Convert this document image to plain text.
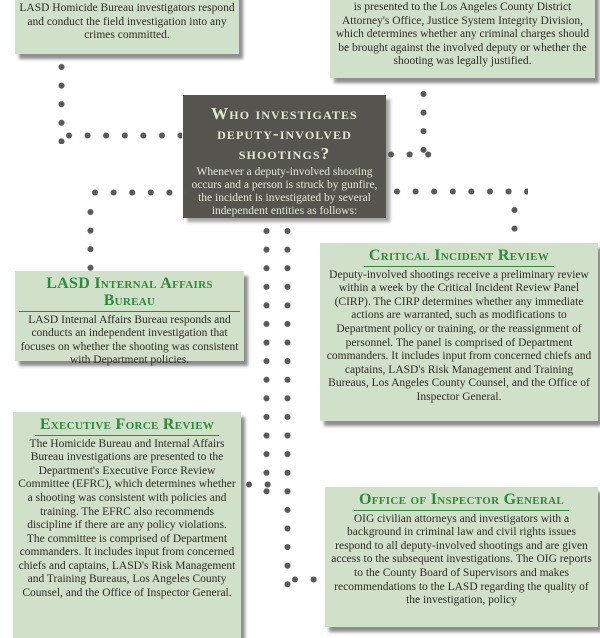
LASD Homicide Bureau investigators respond and conduct the field investigation into any crimes committed.
is presented to the Los Angeles County District Attorney's Office, Justice System Integrity Division, which determines whether any criminal charges should be brought against the involved deputy or whether the shooting was legally justified.
Who investigates deputy-involved shootings?
Whenever a deputy-involved shooting occurs and a person is struck by gunfire, the incident is investigated by several independent entities as follows:
LASD Internal Affairs Bureau
LASD Internal Affairs Bureau responds and conducts an independent investigation that focuses on whether the shooting was consistent with Department policies.
Critical Incident Review
Deputy-involved shootings receive a preliminary review within a week by the Critical Incident Review Panel (CIRP). The CIRP determines whether any immediate actions are warranted, such as modifications to Department policy or training, or the reassignment of personnel. The panel is comprised of Department commanders. It includes input from concerned chiefs and captains, LASD's Risk Management and Training Bureaus, Los Angeles County Counsel, and the Office of Inspector General.
Executive Force Review
The Homicide Bureau and Internal Affairs Bureau investigations are presented to the Department's Executive Force Review Committee (EFRC), which determines whether a shooting was consistent with policies and training. The EFRC also recommends discipline if there are any policy violations. The committee is comprised of Department commanders. It includes input from concerned chiefs and captains, LASD's Risk Management and Training Bureaus, Los Angeles County Counsel, and the Office of Inspector General.
Office of Inspector General
OIG civilian attorneys and investigators with a background in criminal law and civil rights issues respond to all deputy-involved shootings and are given access to the subsequent investigations. The OIG reports to the County Board of Supervisors and makes recommendations to the LASD regarding the quality of the investigation, policy
